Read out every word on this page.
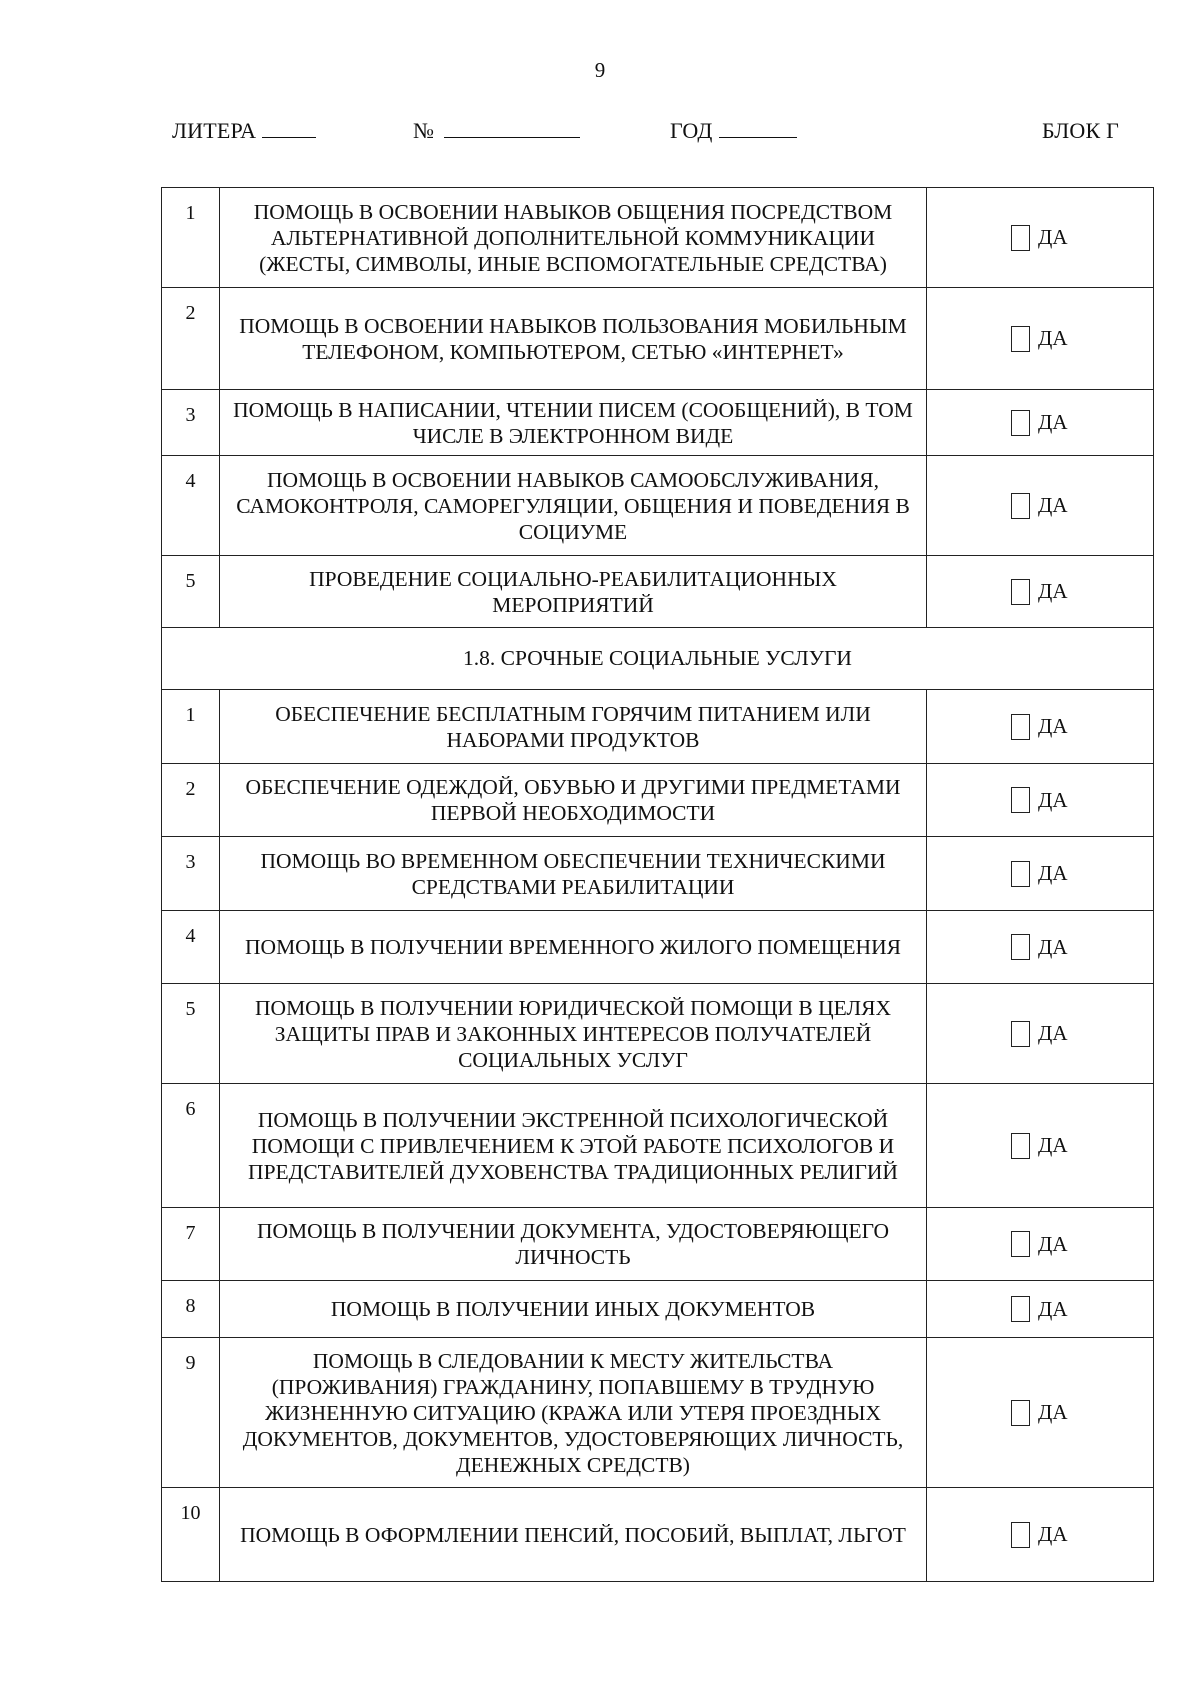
9
ЛИТЕРА	№	ГОД	БЛОК Г
1	ПОМОЩЬ В ОСВОЕНИИ НАВЫКОВ ОБЩЕНИЯ ПОСРЕДСТВОМ АЛЬТЕРНАТИВНОЙ ДОПОЛНИТЕЛЬНОЙ КОММУНИКАЦИИ (ЖЕСТЫ, СИМВОЛЫ, ИНЫЕ ВСПОМОГАТЕЛЬНЫЕ СРЕДСТВА)	ДА

2	ПОМОЩЬ В ОСВОЕНИИ НАВЫКОВ ПОЛЬЗОВАНИЯ МОБИЛЬНЫМ ТЕЛЕФОНОМ, КОМПЬЮТЕРОМ, СЕТЬЮ «ИНТЕРНЕТ»	ДА

3	ПОМОЩЬ В НАПИСАНИИ, ЧТЕНИИ ПИСЕМ (СООБЩЕНИЙ), В ТОМ ЧИСЛЕ В ЭЛЕКТРОННОМ ВИДЕ	ДА

4	ПОМОЩЬ В ОСВОЕНИИ НАВЫКОВ САМООБСЛУЖИВАНИЯ, САМОКОНТРОЛЯ, САМОРЕГУЛЯЦИИ, ОБЩЕНИЯ И ПОВЕДЕНИЯ В СОЦИУМЕ	ДА

5	ПРОВЕДЕНИЕ СОЦИАЛЬНО-РЕАБИЛИТАЦИОННЫХ МЕРОПРИЯТИЙ	ДА

1.8. СРОЧНЫЕ СОЦИАЛЬНЫЕ УСЛУГИ		
1	ОБЕСПЕЧЕНИЕ БЕСПЛАТНЫМ ГОРЯЧИМ ПИТАНИЕМ ИЛИ НАБОРАМИ ПРОДУКТОВ	ДА

2	ОБЕСПЕЧЕНИЕ ОДЕЖДОЙ, ОБУВЬЮ И ДРУГИМИ ПРЕДМЕТАМИ ПЕРВОЙ НЕОБХОДИМОСТИ	ДА

3	ПОМОЩЬ ВО ВРЕМЕННОМ ОБЕСПЕЧЕНИИ ТЕХНИЧЕСКИМИ СРЕДСТВАМИ РЕАБИЛИТАЦИИ	ДА

4	ПОМОЩЬ В ПОЛУЧЕНИИ ВРЕМЕННОГО ЖИЛОГО ПОМЕЩЕНИЯ	ДА

5	ПОМОЩЬ В ПОЛУЧЕНИИ ЮРИДИЧЕСКОЙ ПОМОЩИ В ЦЕЛЯХ ЗАЩИТЫ ПРАВ И ЗАКОННЫХ ИНТЕРЕСОВ ПОЛУЧАТЕЛЕЙ СОЦИАЛЬНЫХ УСЛУГ	ДА

6	ПОМОЩЬ В ПОЛУЧЕНИИ ЭКСТРЕННОЙ ПСИХОЛОГИЧЕСКОЙ ПОМОЩИ С ПРИВЛЕЧЕНИЕМ К ЭТОЙ РАБОТЕ ПСИХОЛОГОВ И ПРЕДСТАВИТЕЛЕЙ ДУХОВЕНСТВА ТРАДИЦИОННЫХ РЕЛИГИЙ	ДА

7	ПОМОЩЬ В ПОЛУЧЕНИИ ДОКУМЕНТА, УДОСТОВЕРЯЮЩЕГО ЛИЧНОСТЬ	ДА

8	ПОМОЩЬ В ПОЛУЧЕНИИ ИНЫХ ДОКУМЕНТОВ	ДА

9	ПОМОЩЬ В СЛЕДОВАНИИ К МЕСТУ ЖИТЕЛЬСТВА (ПРОЖИВАНИЯ) ГРАЖДАНИНУ, ПОПАВШЕМУ В ТРУДНУЮ ЖИЗНЕННУЮ СИТУАЦИЮ (КРАЖА ИЛИ УТЕРЯ ПРОЕЗДНЫХ ДОКУМЕНТОВ, ДОКУМЕНТОВ, УДОСТОВЕРЯЮЩИХ ЛИЧНОСТЬ, ДЕНЕЖНЫХ СРЕДСТВ)	ДА

10	ПОМОЩЬ В ОФОРМЛЕНИИ ПЕНСИЙ, ПОСОБИЙ, ВЫПЛАТ, ЛЬГОТ	ДА
